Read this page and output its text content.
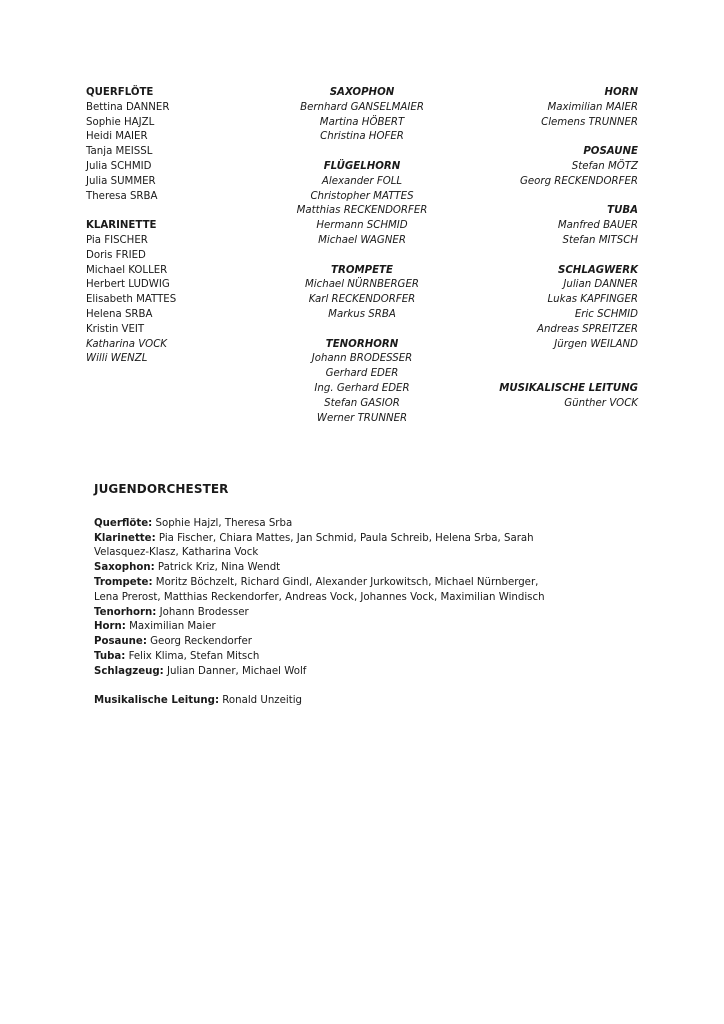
QUERFLÖTE
Bettina DANNER
Sophie HAJZL
Heidi MAIER
Tanja MEISSL
Julia SCHMID
Julia SUMMER
Theresa SRBA
KLARINETTE
Pia FISCHER
Doris FRIED
Michael KOLLER
Herbert LUDWIG
Elisabeth MATTES
Helena SRBA
Kristin VEIT
Katharina VOCK
Willi WENZL
SAXOPHON
Bernhard GANSELMAIER
Martina HÖBERT
Christina HOFER
FLÜGELHORN
Alexander FOLL
Christopher MATTES
Matthias RECKENDORFER
Hermann SCHMID
Michael WAGNER
TROMPETE
Michael NÜRNBERGER
Karl RECKENDORFER
Markus SRBA
TENORHORN
Johann BRODESSER
Gerhard EDER
Ing. Gerhard EDER
Stefan GASIOR
Werner TRUNNER
HORN
Maximilian MAIER
Clemens TRUNNER
POSAUNE
Stefan MÖTZ
Georg RECKENDORFER
TUBA
Manfred BAUER
Stefan MITSCH
SCHLAGWERK
Julian DANNER
Lukas KAPFINGER
Eric SCHMID
Andreas SPREITZER
Jürgen WEILAND
MUSIKALISCHE LEITUNG
Günther VOCK
JUGENDORCHESTER
Querflöte: Sophie Hajzl, Theresa Srba
Klarinette: Pia Fischer, Chiara Mattes, Jan Schmid, Paula Schreib, Helena Srba, Sarah
Velasquez-Klasz, Katharina Vock
Saxophon: Patrick Kriz, Nina Wendt
Trompete: Moritz Böchzelt, Richard Gindl, Alexander Jurkowitsch, Michael Nürnberger,
Lena Prerost, Matthias Reckendorfer, Andreas Vock, Johannes Vock, Maximilian Windisch
Tenorhorn: Johann Brodesser
Horn: Maximilian Maier
Posaune: Georg Reckendorfer
Tuba: Felix Klima, Stefan Mitsch
Schlagzeug: Julian Danner, Michael Wolf
Musikalische Leitung: Ronald Unzeitig
